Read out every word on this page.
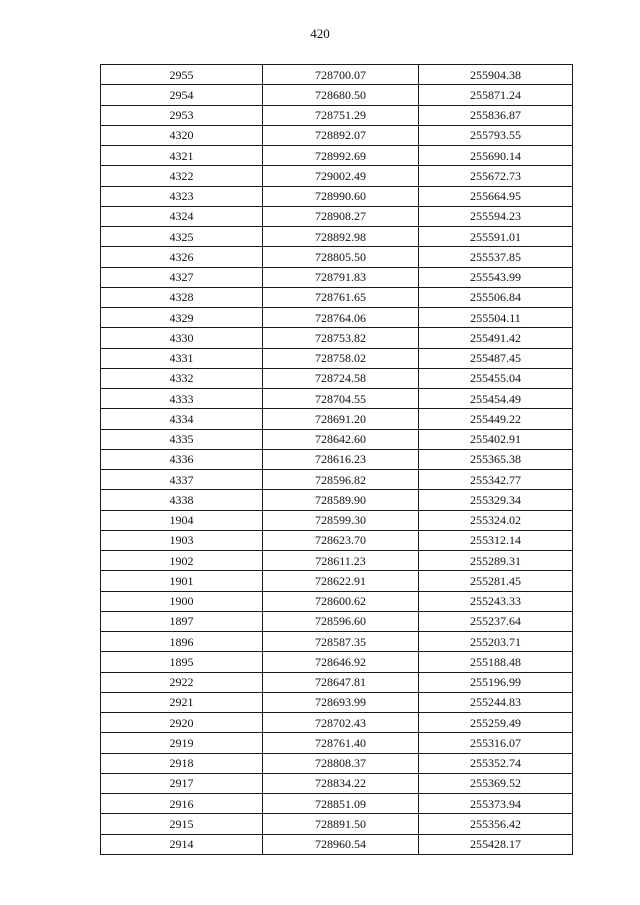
420
2955	728700.07	255904.38
2954	728680.50	255871.24
2953	728751.29	255836.87
4320	728892.07	255793.55
4321	728992.69	255690.14
4322	729002.49	255672.73
4323	728990.60	255664.95
4324	728908.27	255594.23
4325	728892.98	255591.01
4326	728805.50	255537.85
4327	728791.83	255543.99
4328	728761.65	255506.84
4329	728764.06	255504.11
4330	728753.82	255491.42
4331	728758.02	255487.45
4332	728724.58	255455.04
4333	728704.55	255454.49
4334	728691.20	255449.22
4335	728642.60	255402.91
4336	728616.23	255365.38
4337	728596.82	255342.77
4338	728589.90	255329.34
1904	728599.30	255324.02
1903	728623.70	255312.14
1902	728611.23	255289.31
1901	728622.91	255281.45
1900	728600.62	255243.33
1897	728596.60	255237.64
1896	728587.35	255203.71
1895	728646.92	255188.48
2922	728647.81	255196.99
2921	728693.99	255244.83
2920	728702.43	255259.49
2919	728761.40	255316.07
2918	728808.37	255352.74
2917	728834.22	255369.52
2916	728851.09	255373.94
2915	728891.50	255356.42
2914	728960.54	255428.17
